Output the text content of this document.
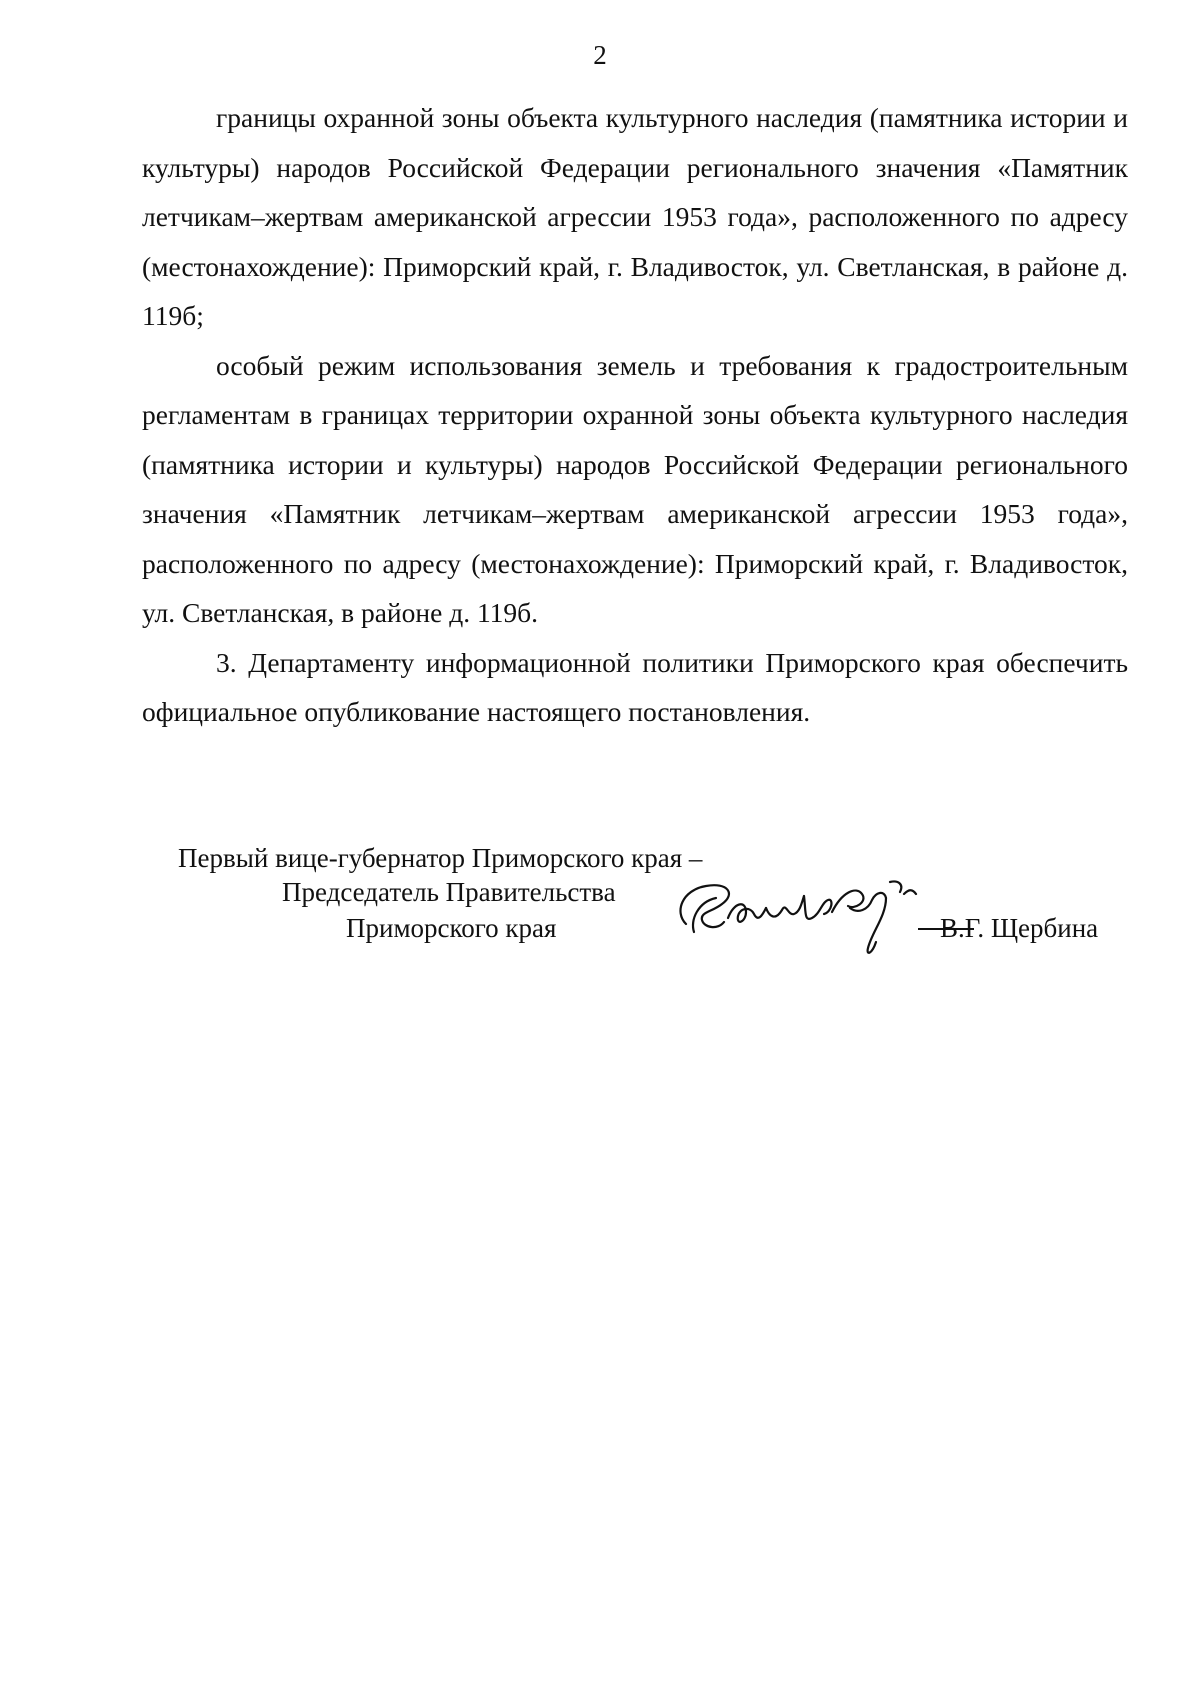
2

границы охранной зоны объекта культурного наследия (памятника истории и культуры) народов Российской Федерации регионального значения «Памятник летчикам–жертвам американской агрессии 1953 года», расположенного по адресу (местонахождение): Приморский край, г. Владивосток, ул. Светланская, в районе д. 119б;

особый режим использования земель и требования к градостроительным регламентам в границах территории охранной зоны объекта культурного наследия (памятника истории и культуры) народов Российской Федерации регионального значения «Памятник летчикам–жертвам американской агрессии 1953 года», расположенного по адресу (местонахождение): Приморский край, г. Владивосток, ул. Светланская, в районе д. 119б.

3. Департаменту информационной политики Приморского края обеспечить официальное опубликование настоящего постановления.

Первый вице-губернатор Приморского края –
Председатель Правительства
Приморского края	В.Г. Щербина
